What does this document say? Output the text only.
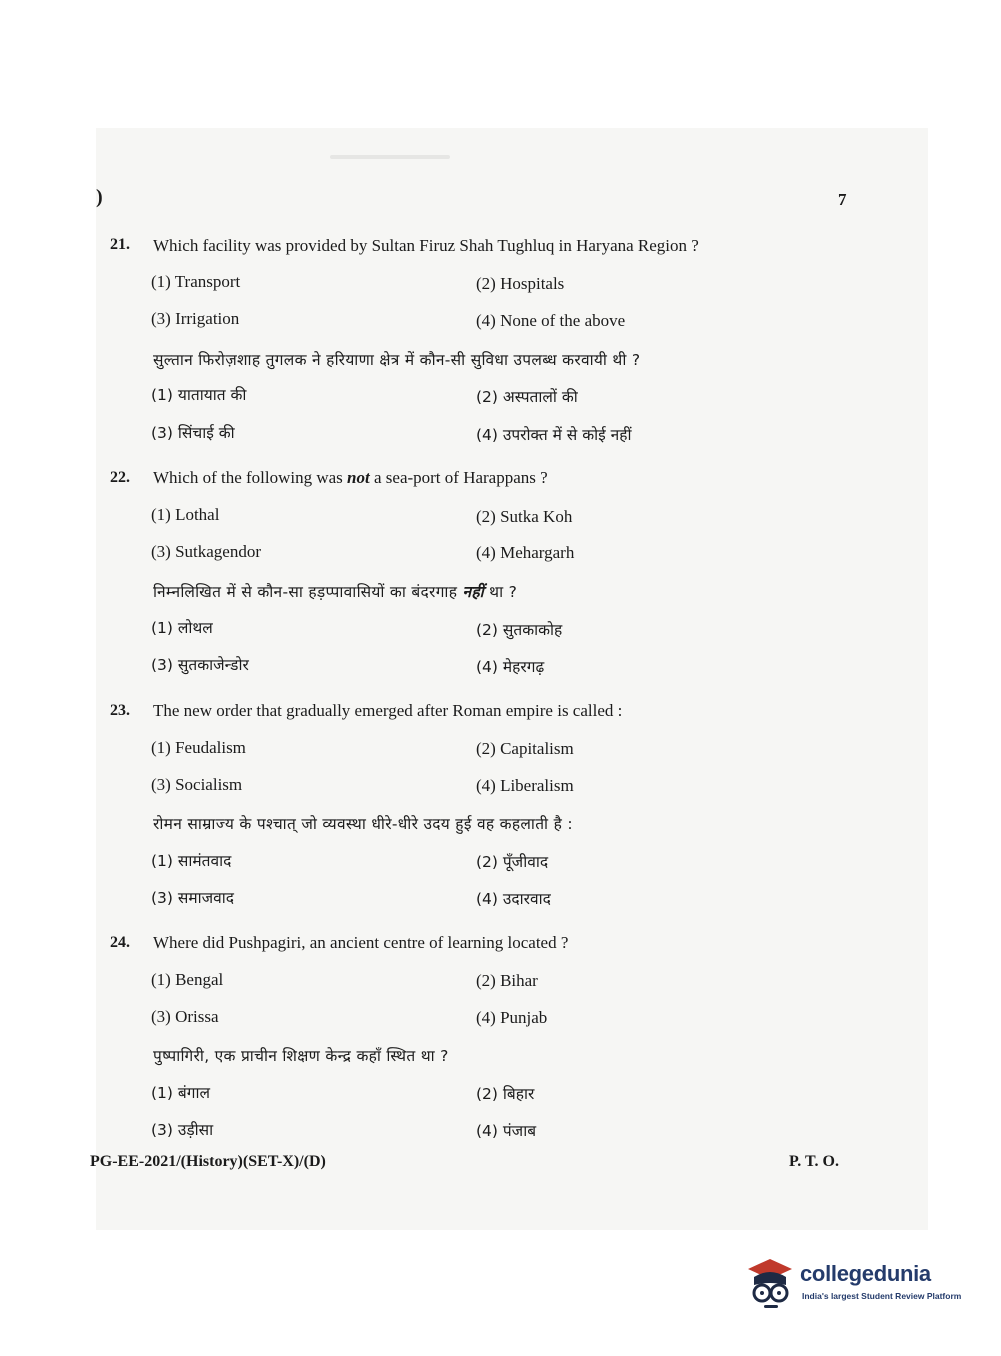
)	7
21. Which facility was provided by Sultan Firuz Shah Tughluq in Haryana Region ?
(1) Transport	(2) Hospitals
(3) Irrigation	(4) None of the above
सुल्तान फिरोज़शाह तुगलक ने हरियाणा क्षेत्र में कौन-सी सुविधा उपलब्ध करवायी थी ?
(1) यातायात की	(2) अस्पतालों की
(3) सिंचाई की	(4) उपरोक्त में से कोई नहीं
22. Which of the following was not a sea-port of Harappans ?
(1) Lothal	(2) Sutka Koh
(3) Sutkagendor	(4) Mehargarh
निम्नलिखित में से कौन-सा हड़प्पावासियों का बंदरगाह नहीं था ?
(1) लोथल	(2) सुतकाकोह
(3) सुतकाजेन्डोर	(4) मेहरगढ़
23. The new order that gradually emerged after Roman empire is called :
(1) Feudalism	(2) Capitalism
(3) Socialism	(4) Liberalism
रोमन साम्राज्य के पश्चात् जो व्यवस्था धीरे-धीरे उदय हुई वह कहलाती है :
(1) सामंतवाद	(2) पूँजीवाद
(3) समाजवाद	(4) उदारवाद
24. Where did Pushpagiri, an ancient centre of learning located ?
(1) Bengal	(2) Bihar
(3) Orissa	(4) Punjab
पुष्पागिरी, एक प्राचीन शिक्षण केन्द्र कहाँ स्थित था ?
(1) बंगाल	(2) बिहार
(3) उड़ीसा	(4) पंजाब
PG-EE-2021/(History)(SET-X)/(D)	P. T. O.
collegedunia
India's largest Student Review Platform
